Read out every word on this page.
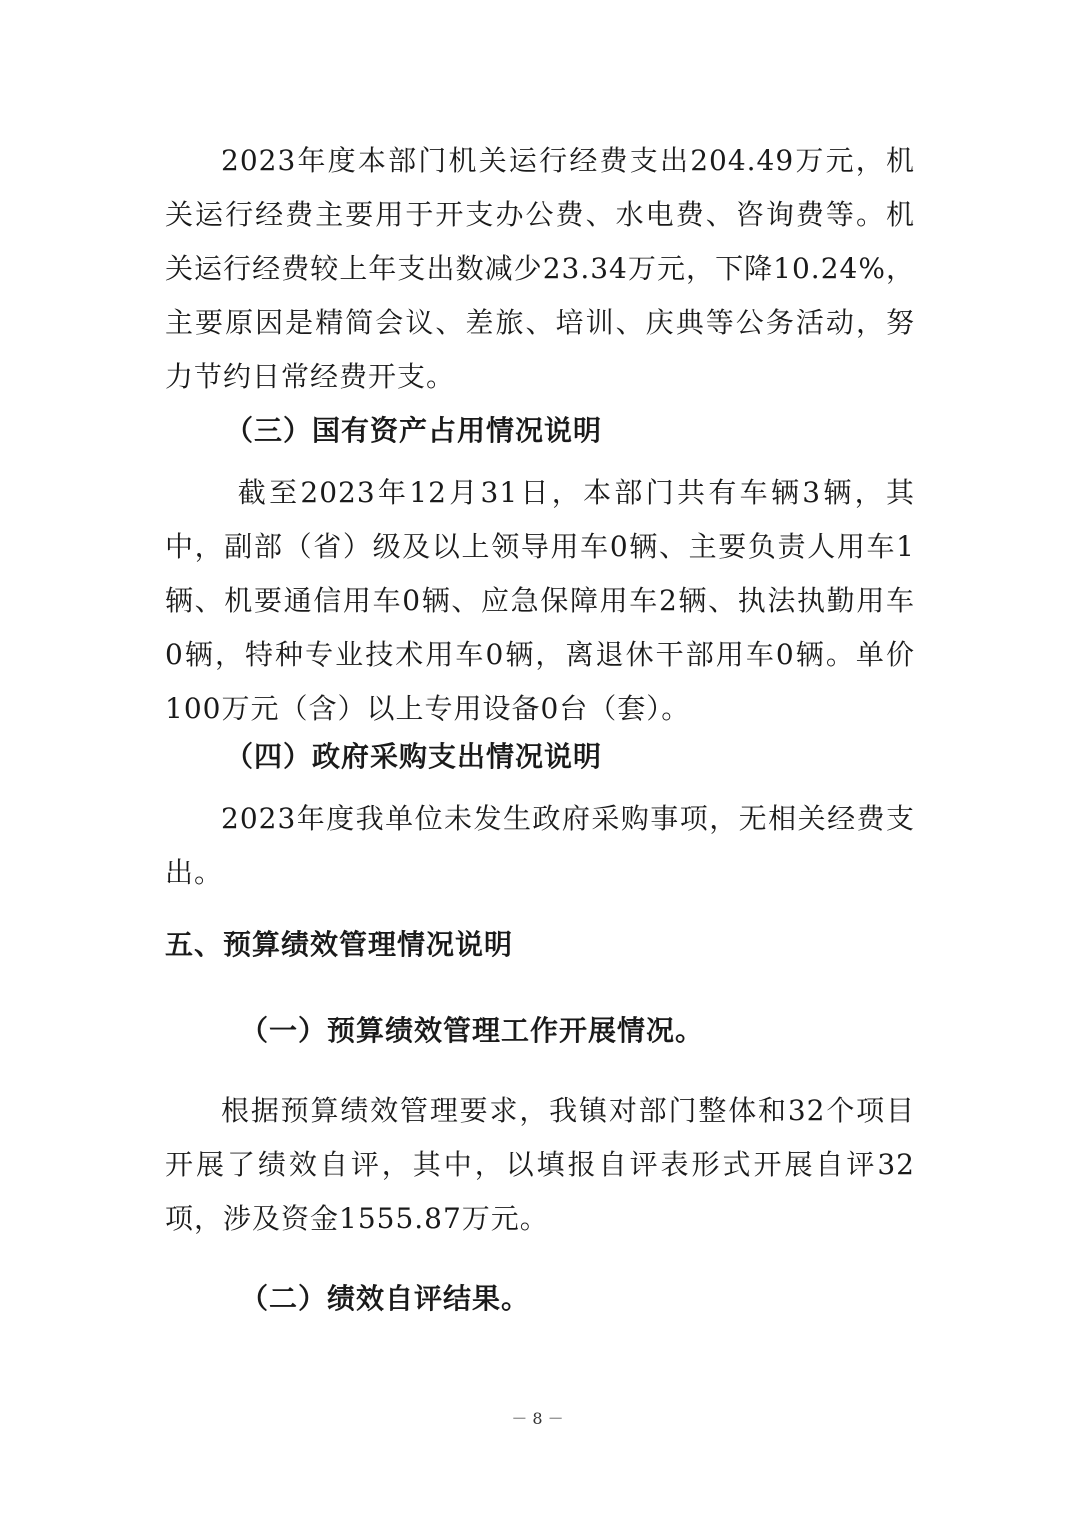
2023年度本部门机关运行经费支出204.49万元，机关运行经费主要用于开支办公费、水电费、咨询费等。机关运行经费较上年支出数减少23.34万元，下降10.24%，主要原因是精简会议、差旅、培训、庆典等公务活动，努力节约日常经费开支。

（三）国有资产占用情况说明

截至2023年12月31日，本部门共有车辆3辆，其中，副部（省）级及以上领导用车0辆、主要负责人用车1辆、机要通信用车0辆、应急保障用车2辆、执法执勤用车0辆，特种专业技术用车0辆，离退休干部用车0辆。单价100万元（含）以上专用设备0台（套）。

（四）政府采购支出情况说明

2023年度我单位未发生政府采购事项，无相关经费支出。

五、预算绩效管理情况说明

（一）预算绩效管理工作开展情况。

根据预算绩效管理要求，我镇对部门整体和32个项目开展了绩效自评，其中，以填报自评表形式开展自评32项，涉及资金1555.87万元。

（二）绩效自评结果。

－ 8 －
